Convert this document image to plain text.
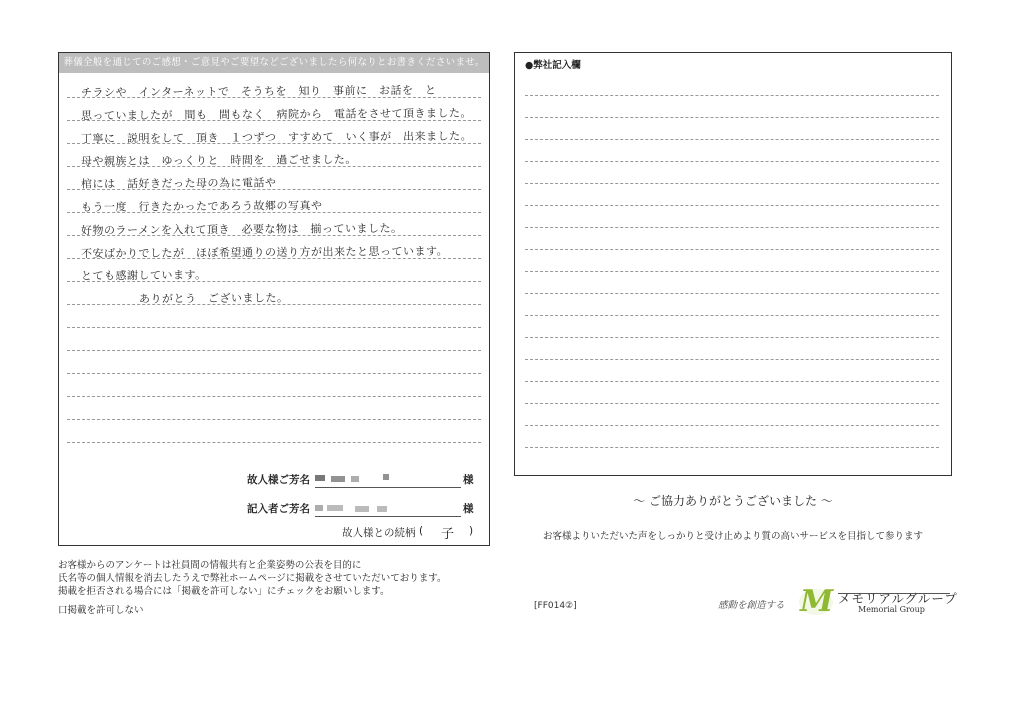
葬儀全般を通じてのご感想・ご意見やご要望などございましたら何なりとお書きくださいませ。
チラシや　インターネットで　そうちを　知り　事前に　お話を　と
思っていましたが　間も　間もなく　病院から　電話をさせて頂きました。
丁寧に　説明をして　頂き　１つずつ　すすめて　いく事が　出来ました。
母や親族とは　ゆっくりと　時間を　過ごせました。
棺には　話好きだった母の為に電話や
もう一度　行きたかったであろう故郷の写真や
好物のラーメンを入れて頂き　必要な物は　揃っていました。
不安ばかりでしたが　ほぼ希望通りの送り方が出来たと思っています。
とても感謝しています。
ありがとう　ございました。
故人様ご芳名	様
記入者ご芳名	様
故人様との続柄 ( 子 )
お客様からのアンケートは社員間の情報共有と企業姿勢の公表を目的に
氏名等の個人情報を消去したうえで弊社ホームページに掲載をさせていただいております。
掲載を拒否される場合には「掲載を許可しない」にチェックをお願いします。
口掲載を許可しない
●弊社記入欄
〜 ご協力ありがとうございました 〜
お客様よりいただいた声をしっかりと受け止めより質の高いサービスを目指して参ります
[FF014②]	感動を創造する M メモリアルグループ
Memorial Group
